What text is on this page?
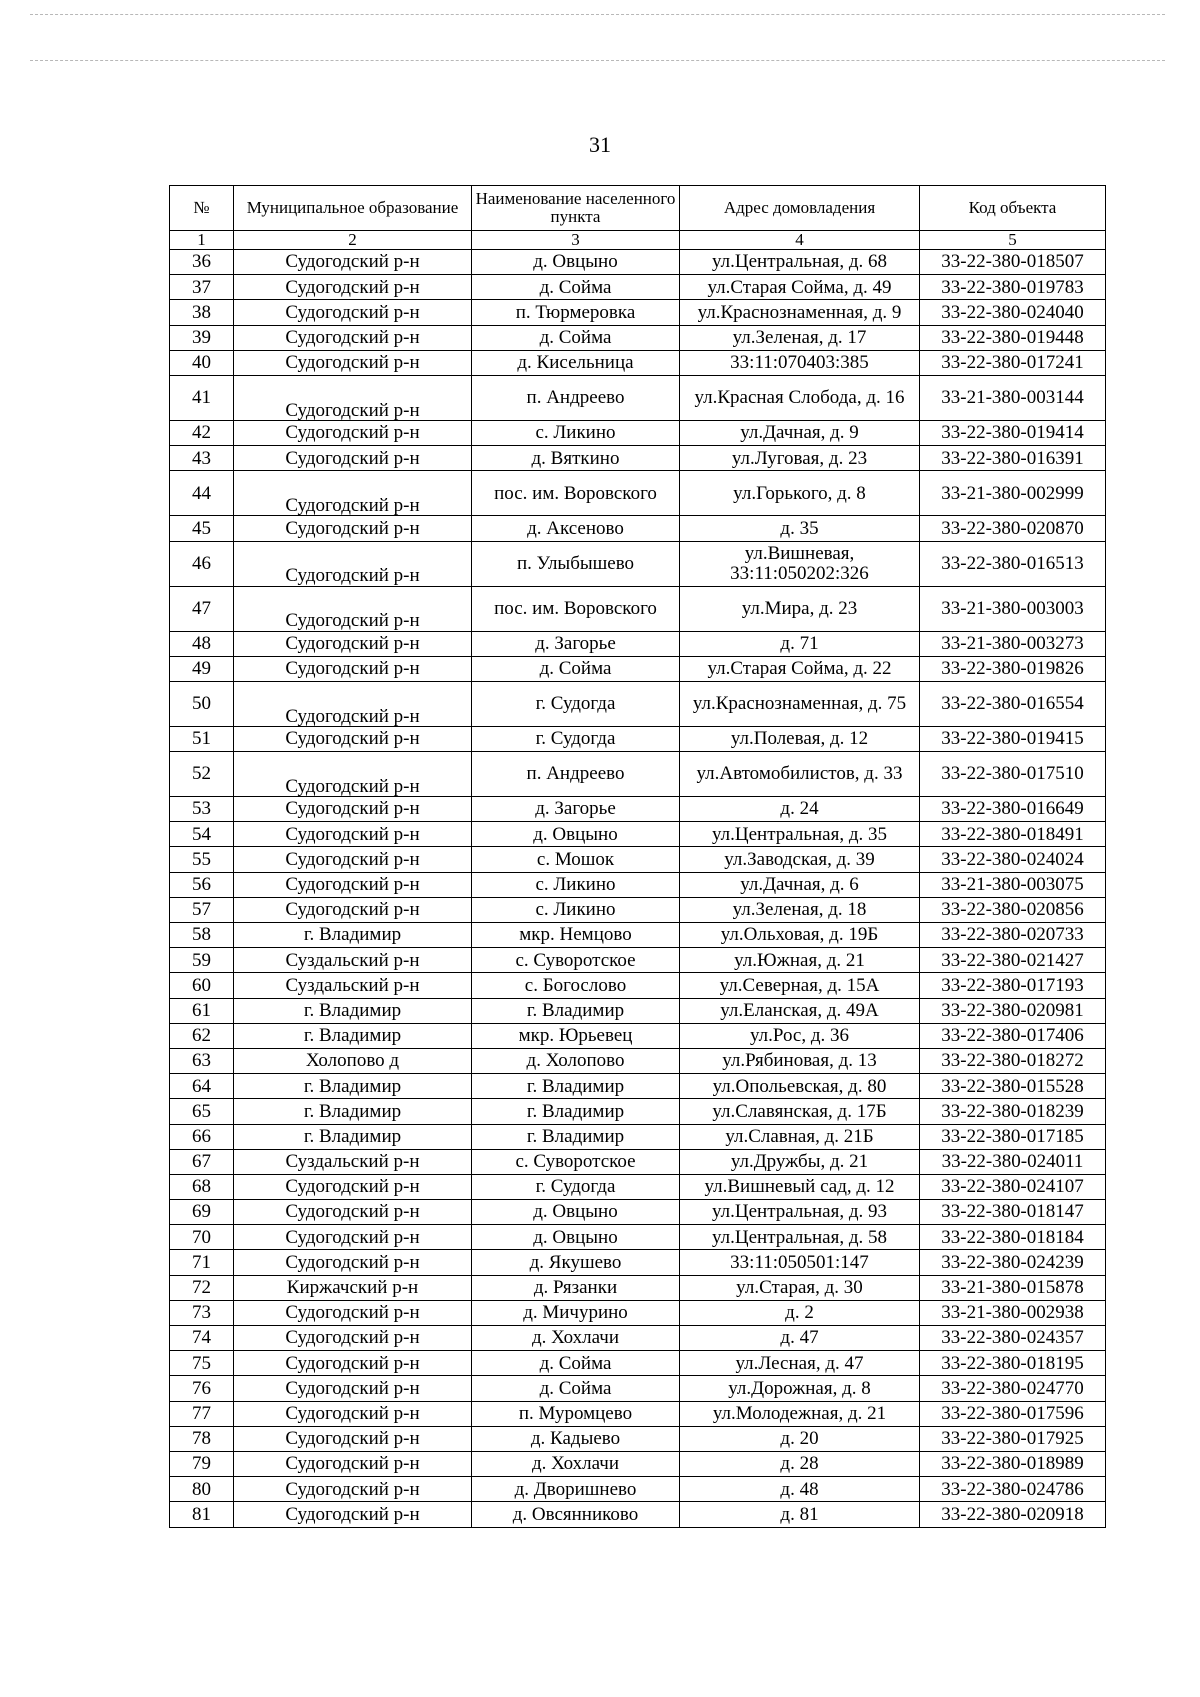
31
№	Муниципальное образование	Наименование населенного пункта	Адрес домовладения	Код объекта
1	2	3	4	5
36	Судогодский р-н	д. Овцыно	ул.Центральная, д. 68	33-22-380-018507
37	Судогодский р-н	д. Сойма	ул.Старая Сойма, д. 49	33-22-380-019783
38	Судогодский р-н	п. Тюрмеровка	ул.Краснознаменная, д. 9	33-22-380-024040
39	Судогодский р-н	д. Сойма	ул.Зеленая, д. 17	33-22-380-019448
40	Судогодский р-н	д. Кисельница	33:11:070403:385	33-22-380-017241
41	Судогодский р-н	п. Андреево	ул.Красная Слобода, д. 16	33-21-380-003144
42	Судогодский р-н	с. Ликино	ул.Дачная, д. 9	33-22-380-019414
43	Судогодский р-н	д. Вяткино	ул.Луговая, д. 23	33-22-380-016391
44	Судогодский р-н	пос. им. Воровского	ул.Горького, д. 8	33-21-380-002999
45	Судогодский р-н	д. Аксеново	д. 35	33-22-380-020870
46	Судогодский р-н	п. Улыбышево	ул.Вишневая, 33:11:050202:326	33-22-380-016513
47	Судогодский р-н	пос. им. Воровского	ул.Мира, д. 23	33-21-380-003003
48	Судогодский р-н	д. Загорье	д. 71	33-21-380-003273
49	Судогодский р-н	д. Сойма	ул.Старая Сойма, д. 22	33-22-380-019826
50	Судогодский р-н	г. Судогда	ул.Краснознаменная, д. 75	33-22-380-016554
51	Судогодский р-н	г. Судогда	ул.Полевая, д. 12	33-22-380-019415
52	Судогодский р-н	п. Андреево	ул.Автомобилистов, д. 33	33-22-380-017510
53	Судогодский р-н	д. Загорье	д. 24	33-22-380-016649
54	Судогодский р-н	д. Овцыно	ул.Центральная, д. 35	33-22-380-018491
55	Судогодский р-н	с. Мошок	ул.Заводская, д. 39	33-22-380-024024
56	Судогодский р-н	с. Ликино	ул.Дачная, д. 6	33-21-380-003075
57	Судогодский р-н	с. Ликино	ул.Зеленая, д. 18	33-22-380-020856
58	г. Владимир	мкр. Немцово	ул.Ольховая, д. 19Б	33-22-380-020733
59	Суздальский р-н	с. Суворотское	ул.Южная, д. 21	33-22-380-021427
60	Суздальский р-н	с. Богослово	ул.Северная, д. 15А	33-22-380-017193
61	г. Владимир	г. Владимир	ул.Еланская, д. 49А	33-22-380-020981
62	г. Владимир	мкр. Юрьевец	ул.Рос, д. 36	33-22-380-017406
63	Холопово д	д. Холопово	ул.Рябиновая, д. 13	33-22-380-018272
64	г. Владимир	г. Владимир	ул.Опольевская, д. 80	33-22-380-015528
65	г. Владимир	г. Владимир	ул.Славянская, д. 17Б	33-22-380-018239
66	г. Владимир	г. Владимир	ул.Славная, д. 21Б	33-22-380-017185
67	Суздальский р-н	с. Суворотское	ул.Дружбы, д. 21	33-22-380-024011
68	Судогодский р-н	г. Судогда	ул.Вишневый сад, д. 12	33-22-380-024107
69	Судогодский р-н	д. Овцыно	ул.Центральная, д. 93	33-22-380-018147
70	Судогодский р-н	д. Овцыно	ул.Центральная, д. 58	33-22-380-018184
71	Судогодский р-н	д. Якушево	33:11:050501:147	33-22-380-024239
72	Киржачский р-н	д. Рязанки	ул.Старая, д. 30	33-21-380-015878
73	Судогодский р-н	д. Мичурино	д. 2	33-21-380-002938
74	Судогодский р-н	д. Хохлачи	д. 47	33-22-380-024357
75	Судогодский р-н	д. Сойма	ул.Лесная, д. 47	33-22-380-018195
76	Судогодский р-н	д. Сойма	ул.Дорожная, д. 8	33-22-380-024770
77	Судогодский р-н	п. Муромцево	ул.Молодежная, д. 21	33-22-380-017596
78	Судогодский р-н	д. Кадыево	д. 20	33-22-380-017925
79	Судогодский р-н	д. Хохлачи	д. 28	33-22-380-018989
80	Судогодский р-н	д. Дворишнево	д. 48	33-22-380-024786
81	Судогодский р-н	д. Овсянниково	д. 81	33-22-380-020918
